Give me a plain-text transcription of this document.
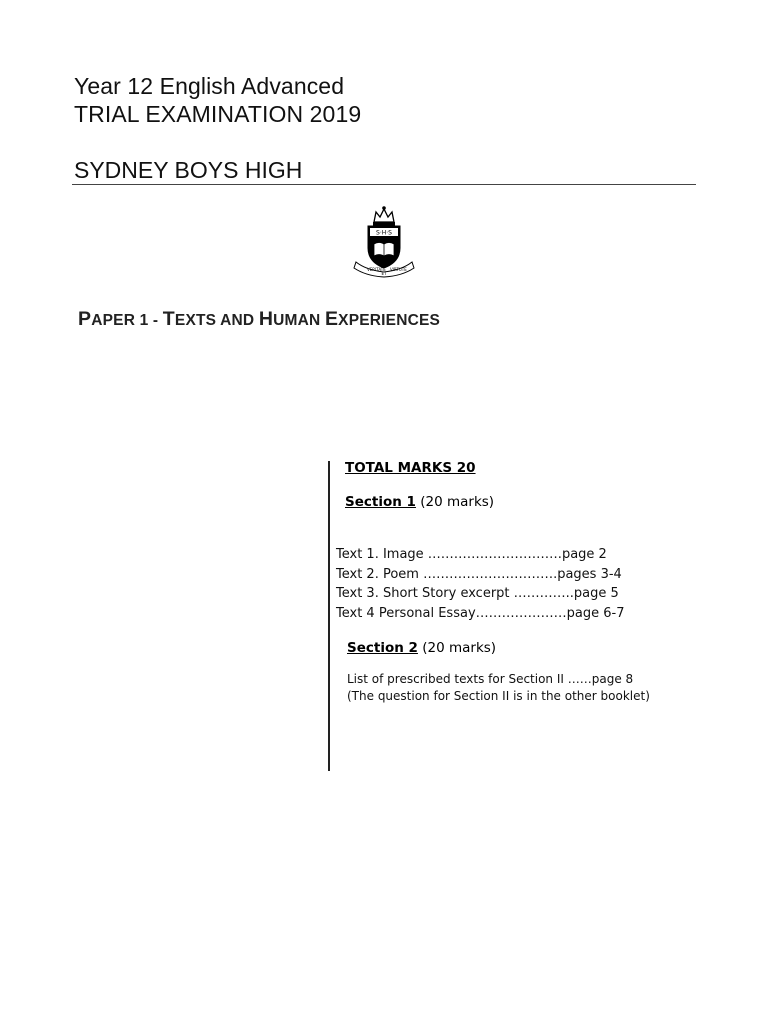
Year 12 English Advanced

TRIAL EXAMINATION 2019

SYDNEY BOYS HIGH

S·H·S
VERITATE
ET
VIRTUTE
PAPER 1 - TEXTS AND HUMAN EXPERIENCES
TOTAL MARKS 20
Section 1 (20 marks)
Text 1. Image ………………………….page 2
Text 2. Poem ………………………….pages 3-4
Text 3. Short Story excerpt …………..page 5
Text 4 Personal Essay…………………page 6-7
Section 2 (20 marks)
List of prescribed texts for Section II ……page 8
(The question for Section II is in the other booklet)
